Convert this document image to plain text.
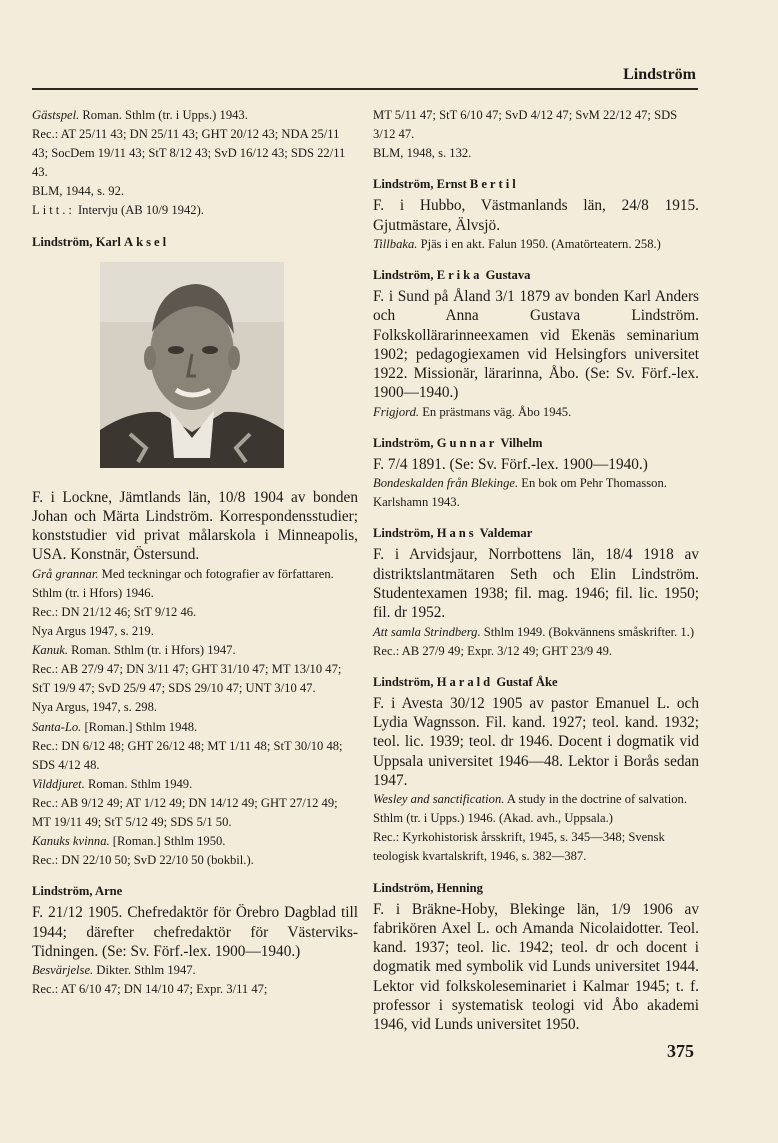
Lindström

Gästspel. Roman. Sthlm (tr. i Upps.) 1943.

Rec.: AT 25/11 43; DN 25/11 43; GHT 20/12 43; NDA 25/11 43; SocDem 19/11 43; StT 8/12 43; SvD 16/12 43; SDS 22/11 43.

BLM, 1944, s. 92.

Litt.: Intervju (AB 10/9 1942).

Lindström, Karl Aksel

F. i Lockne, Jämtlands län, 10/8 1904 av bonden Johan och Märta Lindström. Korrespondensstudier; konststudier vid privat målarskola i Minneapolis, USA. Konstnär, Östersund.

Grå grannar. Med teckningar och fotografier av författaren. Sthlm (tr. i Hfors) 1946.

Rec.: DN 21/12 46; StT 9/12 46.

Nya Argus 1947, s. 219.

Kanuk. Roman. Sthlm (tr. i Hfors) 1947.

Rec.: AB 27/9 47; DN 3/11 47; GHT 31/10 47; MT 13/10 47; StT 19/9 47; SvD 25/9 47; SDS 29/10 47; UNT 3/10 47.

Nya Argus, 1947, s. 298.

Santa-Lo. [Roman.] Sthlm 1948.

Rec.: DN 6/12 48; GHT 26/12 48; MT 1/11 48; StT 30/10 48; SDS 4/12 48.

Vilddjuret. Roman. Sthlm 1949.

Rec.: AB 9/12 49; AT 1/12 49; DN 14/12 49; GHT 27/12 49; MT 19/11 49; StT 5/12 49; SDS 5/1 50.

Kanuks kvinna. [Roman.] Sthlm 1950.

Rec.: DN 22/10 50; SvD 22/10 50 (bokbil.).

Lindström, Arne

F. 21/12 1905. Chefredaktör för Örebro Dagblad till 1944; därefter chefredaktör för Västerviks-Tidningen. (Se: Sv. Förf.-lex. 1900—1940.)

Besvärjelse. Dikter. Sthlm 1947.

Rec.: AT 6/10 47; DN 14/10 47; Expr. 3/11 47;

MT 5/11 47; StT 6/10 47; SvD 4/12 47; SvM 22/12 47; SDS 3/12 47.

BLM, 1948, s. 132.

Lindström, Ernst Bertil

F. i Hubbo, Västmanlands län, 24/8 1915. Gjutmästare, Älvsjö.

Tillbaka. Pjäs i en akt. Falun 1950. (Amatörteatern. 258.)

Lindström, Erika Gustava

F. i Sund på Åland 3/1 1879 av bonden Karl Anders och Anna Gustava Lindström. Folkskollärarinneexamen vid Ekenäs seminarium 1902; pedagogiexamen vid Helsingfors universitet 1922. Missionär, lärarinna, Åbo. (Se: Sv. Förf.-lex. 1900—1940.)

Frigjord. En prästmans väg. Åbo 1945.

Lindström, Gunnar Vilhelm

F. 7/4 1891. (Se: Sv. Förf.-lex. 1900—1940.)

Bondeskalden från Blekinge. En bok om Pehr Thomasson. Karlshamn 1943.

Lindström, Hans Valdemar

F. i Arvidsjaur, Norrbottens län, 18/4 1918 av distriktslantmätaren Seth och Elin Lindström. Studentexamen 1938; fil. mag. 1946; fil. lic. 1950; fil. dr 1952.

Att samla Strindberg. Sthlm 1949. (Bokvännens småskrifter. 1.)

Rec.: AB 27/9 49; Expr. 3/12 49; GHT 23/9 49.

Lindström, Harald Gustaf Åke

F. i Avesta 30/12 1905 av pastor Emanuel L. och Lydia Wagnsson. Fil. kand. 1927; teol. kand. 1932; teol. lic. 1939; teol. dr 1946. Docent i dogmatik vid Uppsala universitet 1946—48. Lektor i Borås sedan 1947.

Wesley and sanctification. A study in the doctrine of salvation. Sthlm (tr. i Upps.) 1946. (Akad. avh., Uppsala.)

Rec.: Kyrkohistorisk årsskrift, 1945, s. 345—348; Svensk teologisk kvartalskrift, 1946, s. 382—387.

Lindström, Henning

F. i Bräkne-Hoby, Blekinge län, 1/9 1906 av fabrikören Axel L. och Amanda Nicolaidotter. Teol. kand. 1937; teol. lic. 1942; teol. dr och docent i dogmatik med symbolik vid Lunds universitet 1944. Lektor vid folkskoleseminariet i Kalmar 1945; t. f. professor i systematisk teologi vid Åbo akademi 1946, vid Lunds universitet 1950.

375
